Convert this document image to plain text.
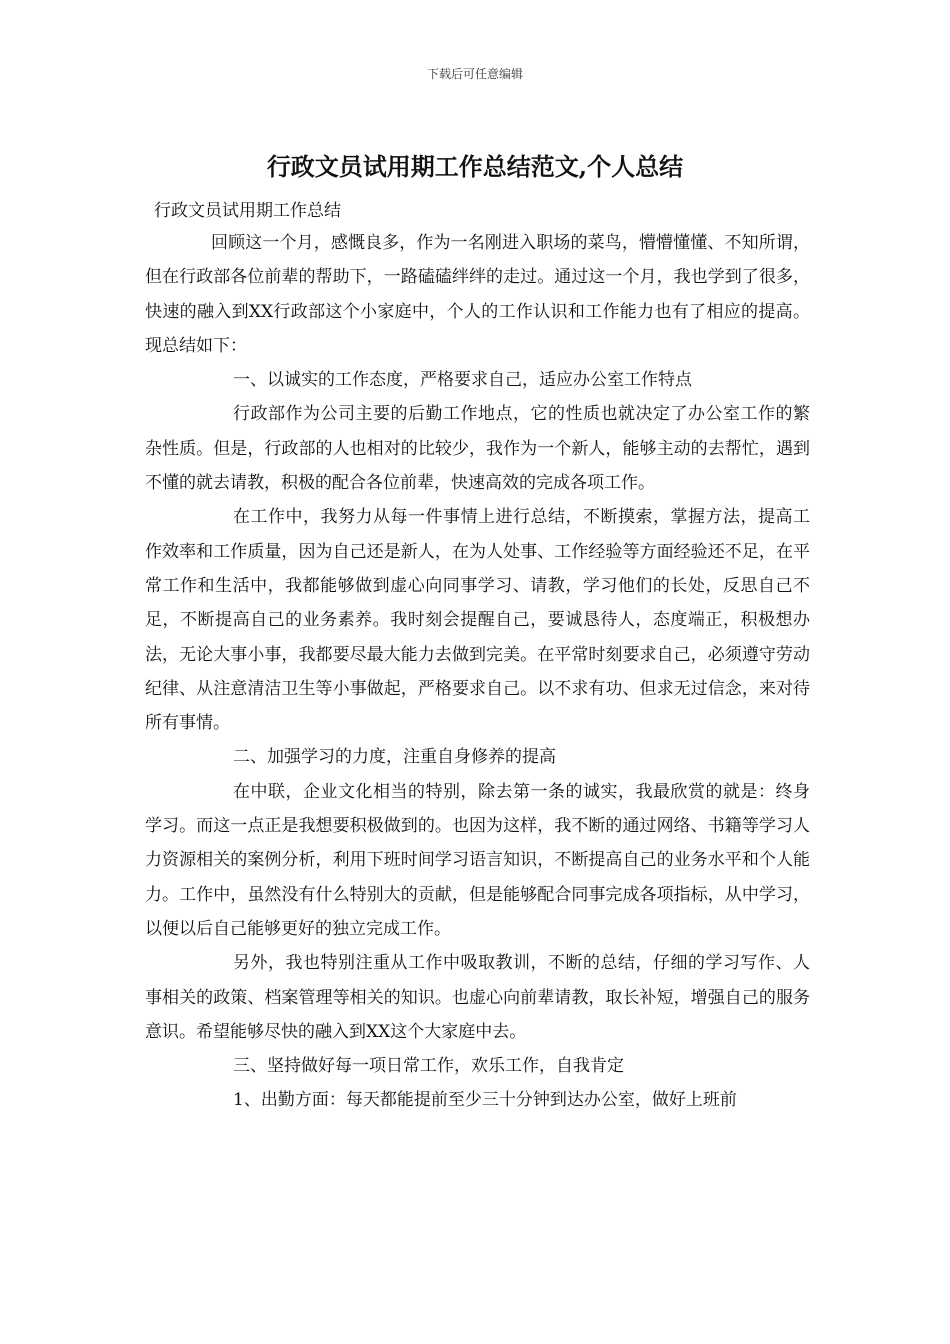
下载后可任意编辑
行政文员试用期工作总结范文,个人总结

行政文员试用期工作总结

回顾这一个月，感慨良多，作为一名刚进入职场的菜鸟，懵懵懂懂、不知所谓，但在行政部各位前辈的帮助下，一路磕磕绊绊的走过。通过这一个月，我也学到了很多，快速的融入到XX行政部这个小家庭中，个人的工作认识和工作能力也有了相应的提高。现总结如下：

一、以诚实的工作态度，严格要求自己，适应办公室工作特点

行政部作为公司主要的后勤工作地点，它的性质也就决定了办公室工作的繁杂性质。但是，行政部的人也相对的比较少，我作为一个新人，能够主动的去帮忙，遇到不懂的就去请教，积极的配合各位前辈，快速高效的完成各项工作。

在工作中，我努力从每一件事情上进行总结，不断摸索，掌握方法，提高工作效率和工作质量，因为自己还是新人，在为人处事、工作经验等方面经验还不足，在平常工作和生活中，我都能够做到虚心向同事学习、请教，学习他们的长处，反思自己不足，不断提高自己的业务素养。我时刻会提醒自己，要诚恳待人，态度端正，积极想办法，无论大事小事，我都要尽最大能力去做到完美。在平常时刻要求自己，必须遵守劳动纪律、从注意清洁卫生等小事做起，严格要求自己。以不求有功、但求无过信念，来对待所有事情。

二、加强学习的力度，注重自身修养的提高

在中联，企业文化相当的特别，除去第一条的诚实，我最欣赏的就是：终身学习。而这一点正是我想要积极做到的。也因为这样，我不断的通过网络、书籍等学习人力资源相关的案例分析，利用下班时间学习语言知识，不断提高自己的业务水平和个人能力。工作中，虽然没有什么特别大的贡献，但是能够配合同事完成各项指标，从中学习，以便以后自己能够更好的独立完成工作。

另外，我也特别注重从工作中吸取教训，不断的总结，仔细的学习写作、人事相关的政策、档案管理等相关的知识。也虚心向前辈请教，取长补短，增强自己的服务意识。希望能够尽快的融入到XX这个大家庭中去。

三、坚持做好每一项日常工作，欢乐工作，自我肯定

1、出勤方面：每天都能提前至少三十分钟到达办公室，做好上班前
